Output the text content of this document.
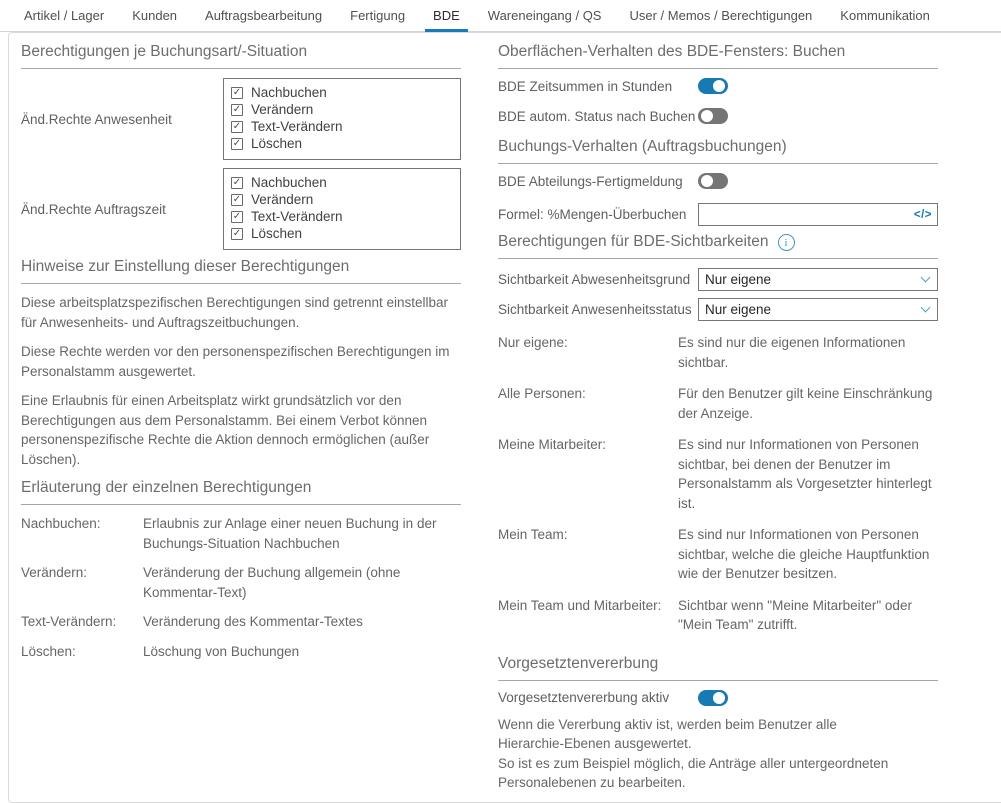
Artikel / Lager	Kunden	Auftragsbearbeitung	Fertigung	BDE	Wareneingang / QS	User / Memos / Berechtigungen	Kommunikation
Berechtigungen je Buchungsart/-Situation
Änd.Rechte Anwesenheit
✓ Nachbuchen
✓ Verändern
✓ Text-Verändern
✓ Löschen
Änd.Rechte Auftragszeit
✓ Nachbuchen
✓ Verändern
✓ Text-Verändern
✓ Löschen
Hinweise zur Einstellung dieser Berechtigungen

Diese arbeitsplatzspezifischen Berechtigungen sind getrennt einstellbar für Anwesenheits- und Auftragszeitbuchungen.

Diese Rechte werden vor den personenspezifischen Berechtigungen im Personalstamm ausgewertet.

Eine Erlaubnis für einen Arbeitsplatz wirkt grundsätzlich vor den Berechtigungen aus dem Personalstamm. Bei einem Verbot können personenspezifische Rechte die Aktion dennoch ermöglichen (außer Löschen).

Erläuterung der einzelnen Berechtigungen
Nachbuchen:	Erlaubnis zur Anlage einer neuen Buchung in der Buchungs-Situation Nachbuchen
Verändern:	Veränderung der Buchung allgemein (ohne Kommentar-Text)
Text-Verändern:	Veränderung des Kommentar-Textes
Löschen:	Löschung von Buchungen
Oberflächen-Verhalten des BDE-Fensters: Buchen
BDE Zeitsummen in Stunden
BDE autom. Status nach Buchen
Buchungs-Verhalten (Auftragsbuchungen)
BDE Abteilungs-Fertigmeldung
Formel: %Mengen-Überbuchen	</>
Berechtigungen für BDE-Sichtbarkeiten	i
Sichtbarkeit Abwesenheitsgrund	Nur eigene
Sichtbarkeit Anwesenheitsstatus Nur eigene
Nur eigene:	Es sind nur die eigenen Informationen sichtbar.
Alle Personen:	Für den Benutzer gilt keine Einschränkung der Anzeige.
Meine Mitarbeiter:	Es sind nur Informationen von Personen sichtbar, bei denen der Benutzer im Personalstamm als Vorgesetzter hinterlegt ist.
Mein Team:	Es sind nur Informationen von Personen sichtbar, welche die gleiche Hauptfunktion wie der Benutzer besitzen.
Mein Team und Mitarbeiter:	Sichtbar wenn "Meine Mitarbeiter" oder "Mein Team" zutrifft.
Vorgesetztenvererbung
Vorgesetztenvererbung aktiv
Wenn die Vererbung aktiv ist, werden beim Benutzer alle
Hierarchie-Ebenen ausgewertet.
So ist es zum Beispiel möglich, die Anträge aller untergeordneten
Personalebenen zu bearbeiten.
